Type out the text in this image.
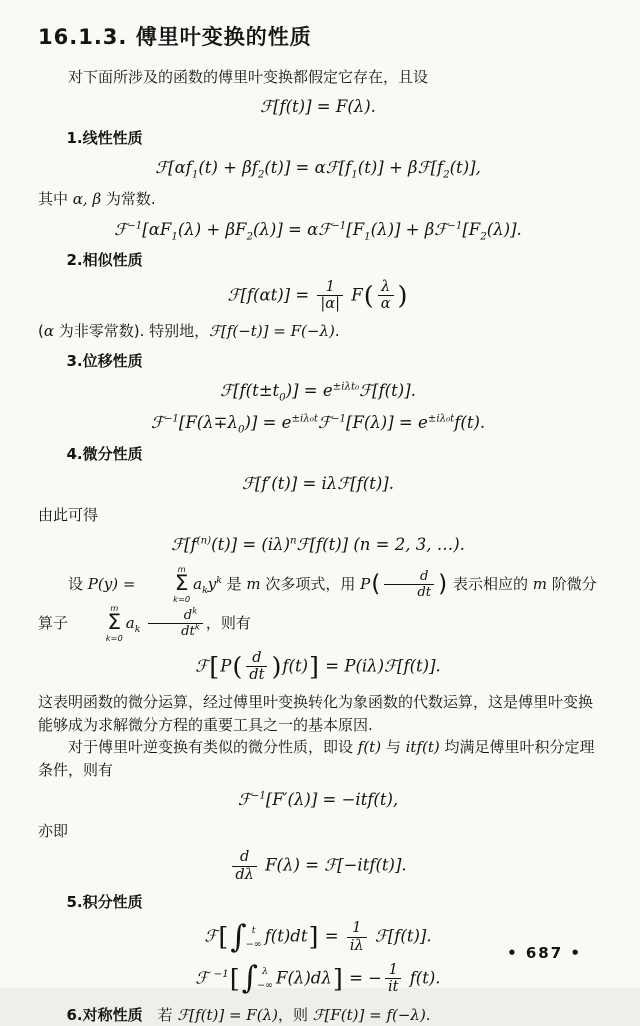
16.1.3. 傅里叶变换的性质

对下面所涉及的函数的傅里叶变换都假定它存在，且设

ℱ[f(t)] = F(λ).

1.线性性质

$ℱ[\alpha f_1(t) + \beta f_2(t)]$ = $\alpha ℱ[f_1(t)]$ + $\beta ℱ[f_2(t)]$,

其中 α, β 为常数.

$ℱ^{-1}[\alpha F_1(\lambda) + \beta F_2(\lambda)]$ = $\alpha ℱ^{-1}[F_1(\lambda)]$ + $\beta ℱ^{-1}[F_2(\lambda)]$.

2.相似性质

ℱ[f(αt)] = $\frac{1}{|\alpha|} F( \frac{\lambda}{\alpha}$ )

(α 为非零常数). 特别地，ℱ[f(−t)] = F(−λ).

3.位移性质

$ℱ[f(t\pm t_0)]$ = $e^{\pm i\lambda t_0}ℱ[f(t)]$.
$ℱ^{-1}[F(\lambda\mp\lambda_0)]$ = $e^{\pm i\lambda_0t}ℱ^{-1}[F(\lambda)] = e^{\pm i\lambda_0t}f(t)$.

4.微分性质

ℱ[f′(t)] = iλℱ[f(t)].

由此可得

$ℱ[f^{(n)}(t)]$ = $(i\lambda)^nℱ[f(t)] (n = 2$, 3, …).

设 P(y) =
m
Σ
k=0
$a_ky^k$ 是 m 次多项式，用 $P( \frac{d}{dt}$ ) 表示相应的 m 阶微分算子
m
Σ
k=0
$a_k \frac{d^k}{dt^k}$ ，则有

ℱ[P( $\frac{d}{dt} )f(t)$] = P(iλ)ℱ[f(t)].

这表明函数的微分运算，经过傅里叶变换转化为象函数的代数运算，这是傅里叶变换能够成为求解微分方程的重要工具之一的基本原因.

对于傅里叶逆变换有类似的微分性质，即设 f(t) 与 itf(t) 均满足傅里叶积分定理条件，则有

ℱ$^{-1}$[F′(λ)] = −itf(t),

亦即

$\frac{d}{d\lambda} F(\lambda)$ = ℱ[−itf(t)].

5.积分性质

ℱ[ ∫ t
−∞ $f(t)dt] = \frac{1}{i\lambda}$ ℱ[f(t)].
ℱ $^{-1}$[ ∫ λ
−∞ F(λ)dλ] = − $\frac{1}{it} f(t)$.

6.对称性质　若 ℱ[f(t)] = F(λ)，则 ℱ[F(t)] = f(−λ).

• 687 •
